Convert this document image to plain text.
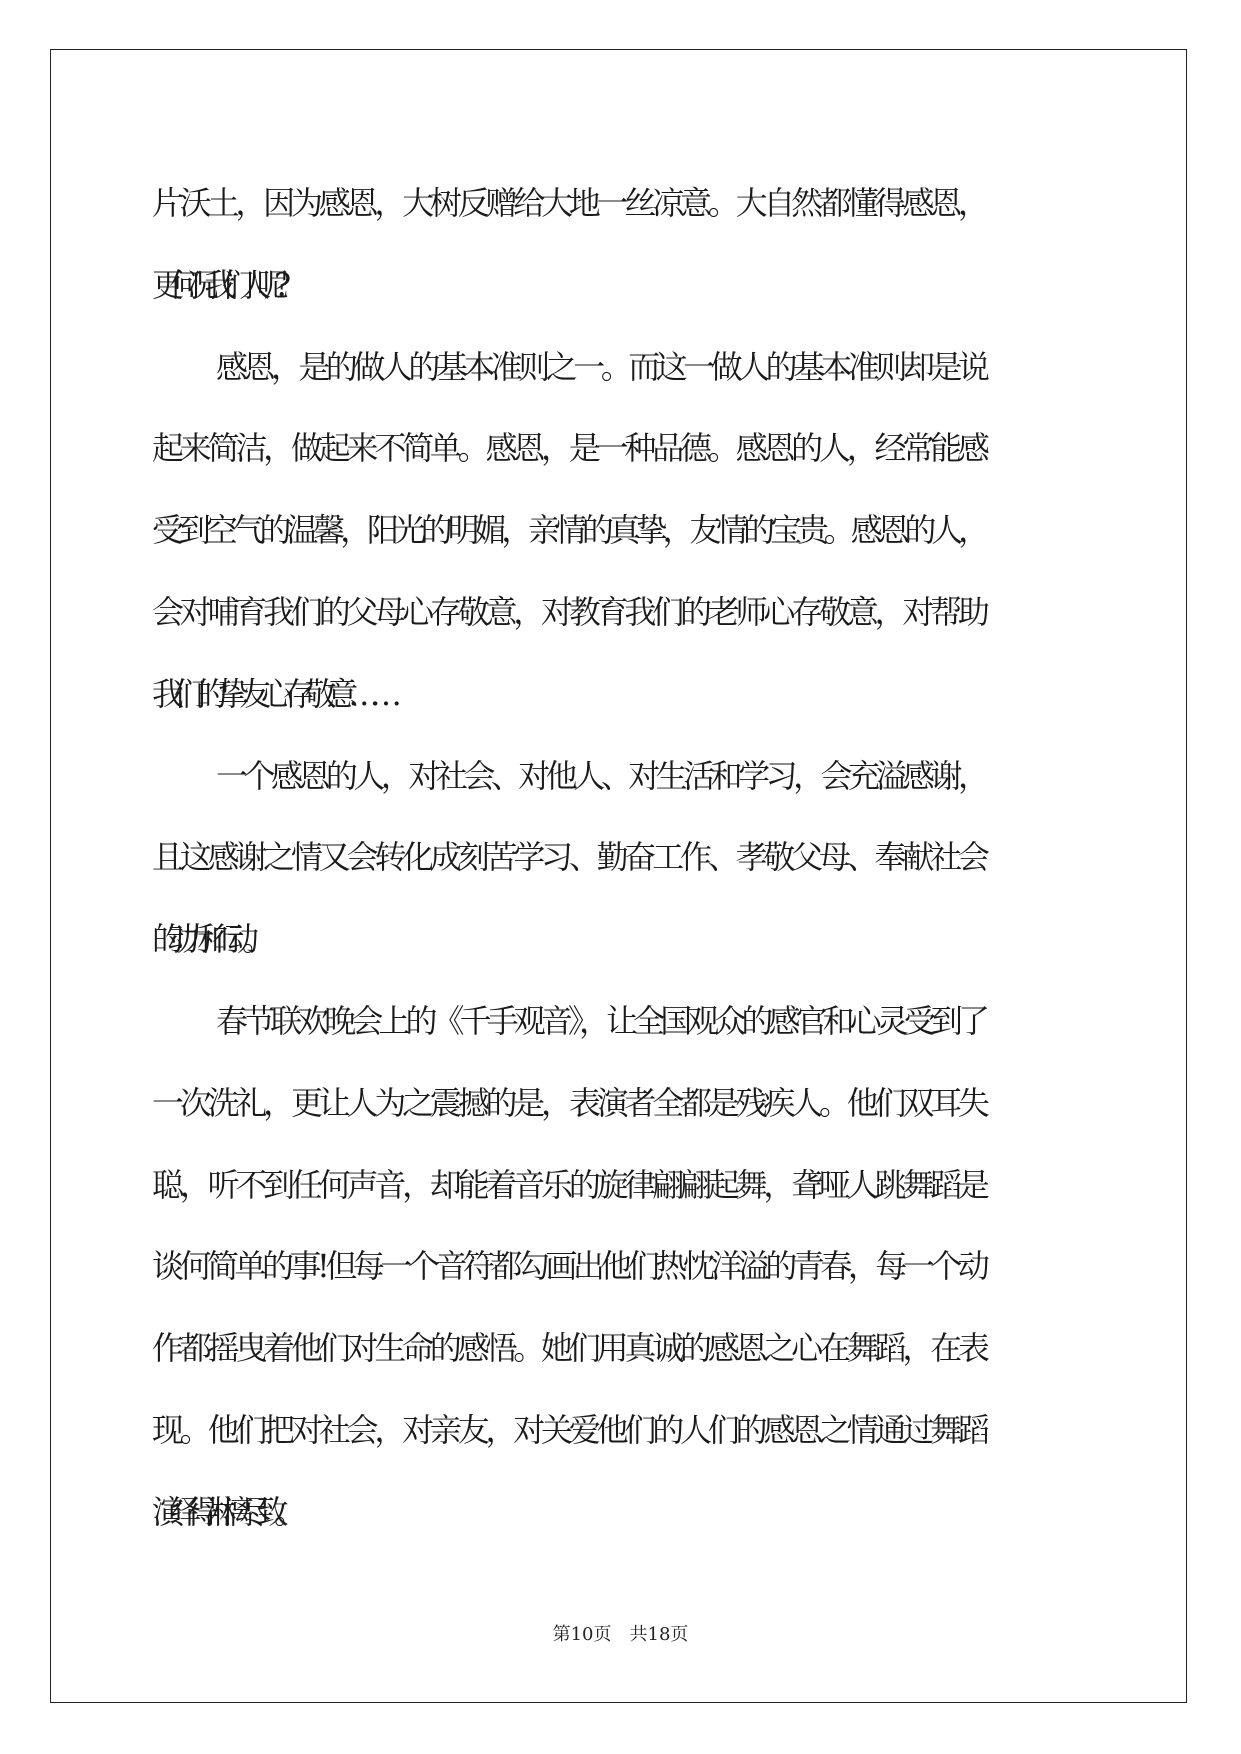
片沃土，因为感恩，大树反赠给大地一丝凉意。大自然都懂得感恩，
更何况我们人呢?

感恩，是的做人的基本准则之一。而这一做人的基本准则却是说
起来简洁，做起来不简单。感恩，是一种品德。感恩的人，经常能感
受到空气的温馨，阳光的明媚，亲情的真挚，友情的宝贵。感恩的人，
会对哺育我们的父母心存敬意，对教育我们的老师心存敬意，对帮助
我们的挚友心存敬意……

一个感恩的人，对社会、对他人、对生活和学习，会充溢感谢，
且这感谢之情又会转化成刻苦学习、勤奋工作、孝敬父母、奉献社会
的动力和行动。

春节联欢晚会上的《千手观音》，让全国观众的感官和心灵受到了
一次洗礼，更让人为之震撼的是，表演者全都是残疾人。他们双耳失
聪，听不到任何声音，却能着音乐的旋律翩翩起舞，聋哑人跳舞蹈是
谈何简单的事!但每一个音符都勾画出他们热忱洋溢的青春，每一个动
作都摇曳着他们对生命的感悟。她们用真诚的感恩之心在舞蹈，在表
现。他们把对社会，对亲友，对关爱他们的人们的感恩之情通过舞蹈
演绎得淋漓尽致。

第10页 共18页
